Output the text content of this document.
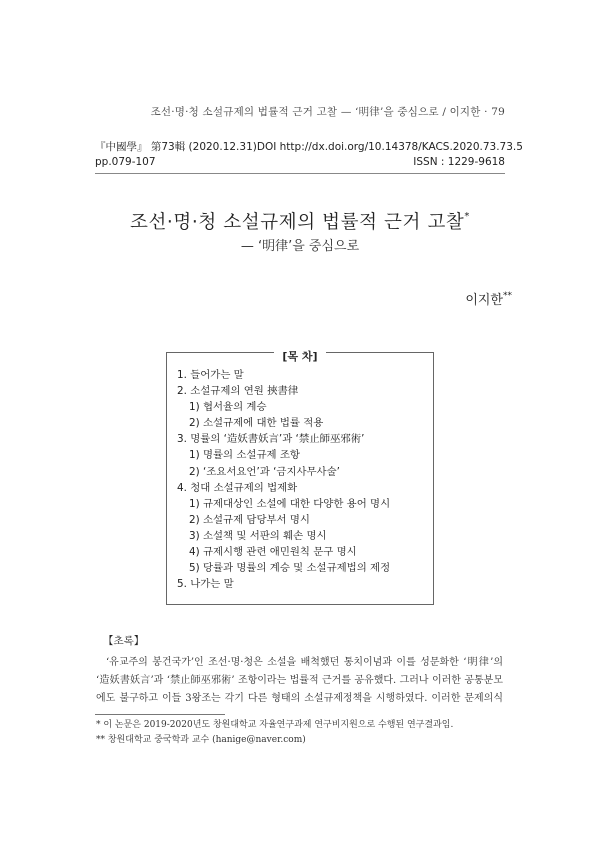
조선·명·청 소설규제의 법률적 근거 고찰 — ‘明律’을 중심으로 / 이지한 · 79
『中國學』 第73輯 (2020.12.31) DOI http://dx.doi.org/10.14378/KACS.2020.73.73.5
pp.079-107	ISSN : 1229-9618
조선·명·청 소설규제의 법률적 근거 고찰*
— ‘明律’을 중심으로
이지한**
[목 차]
1. 들어가는 말
2. 소설규제의 연원 挾書律
1) 협서율의 계승
2) 소설규제에 대한 법률 적용
3. 명률의 ‘造妖書妖言’과 ‘禁止師巫邪術’
1) 명률의 소설규제 조항
2) ‘조요서요언’과 ‘금지사무사술’
4. 청대 소설규제의 법제화
1) 규제대상인 소설에 대한 다양한 용어 명시
2) 소설규제 담당부서 명시
3) 소설책 및 서판의 훼손 명시
4) 규제시행 관련 애민원칙 문구 명시
5) 당률과 명률의 계승 및 소설규제법의 제정
5. 나가는 말
【초록】
‘유교주의 봉건국가’인 조선·명·청은 소설을 배척했던 통치이념과 이를 성문화한 ‘明律’의
‘造妖書妖言’과 ‘禁止師巫邪術’ 조항이라는 법률적 근거를 공유했다. 그러나 이러한 공통분모
에도 불구하고 이들 3왕조는 각기 다른 형태의 소설규제정책을 시행하였다. 이러한 문제의식
* 이 논문은 2019-2020년도 창원대학교 자율연구과제 연구비지원으로 수행된 연구결과임.
** 창원대학교 중국학과 교수 (hanige@naver.com)
